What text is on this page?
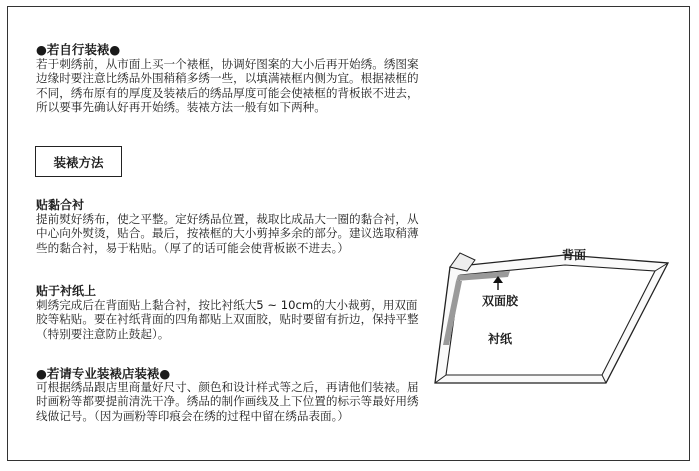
●若自行装裱●

若于刺绣前，从市面上买一个裱框，协调好图案的大小后再开始绣。绣图案边缘时要注意比绣品外围稍稍多绣一些，以填满裱框内侧为宜。根据裱框的不同，绣布原有的厚度及装裱后的绣品厚度可能会使裱框的背板嵌不进去，所以要事先确认好再开始绣。装裱方法一般有如下两种。

装裱方法

贴黏合衬

提前熨好绣布，使之平整。定好绣品位置，裁取比成品大一圈的黏合衬，从中心向外熨烫，贴合。最后，按裱框的大小剪掉多余的部分。建议选取稍薄些的黏合衬，易于粘贴。（厚了的话可能会使背板嵌不进去。）

贴于衬纸上

刺绣完成后在背面贴上黏合衬，按比衬纸大5 ~ 10cm的大小裁剪，用双面胶等粘贴。要在衬纸背面的四角都贴上双面胶，贴时要留有折边，保持平整（特别要注意防止鼓起）。

●若请专业装裱店装裱●

可根据绣品跟店里商量好尺寸、颜色和设计样式等之后，再请他们装裱。届时画粉等都要提前清洗干净。绣品的制作画线及上下位置的标示等最好用绣线做记号。（因为画粉等印痕会在绣的过程中留在绣品表面。）

背面
双面胶
衬纸
